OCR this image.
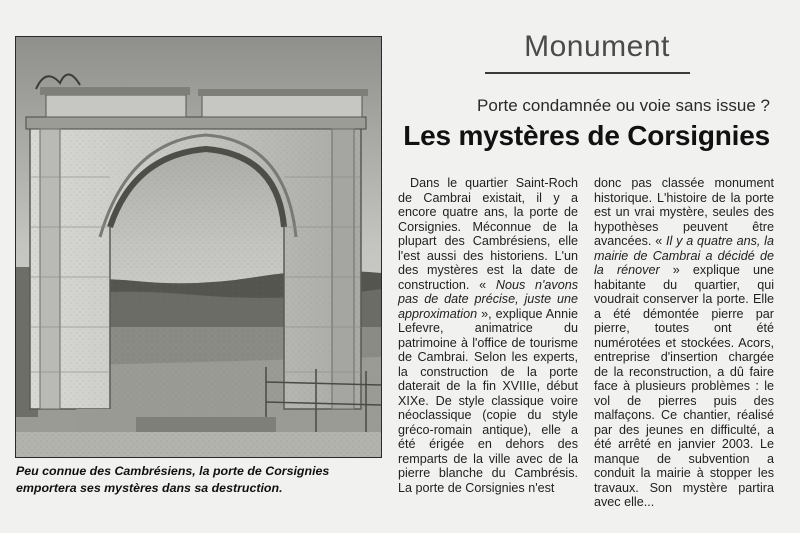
Peu connue des Cambrésiens, la porte de Corsignies emportera ses mystères dans sa destruction.
Monument
Porte condamnée ou voie sans issue ?
Les mystères de Corsignies

Dans le quartier Saint-Roch de Cambrai existait, il y a encore quatre ans, la porte de Corsignies. Méconnue de la plupart des Cambrésiens, elle l'est aussi des historiens. L'un des mystères est la date de construction. « Nous n'avons pas de date précise, juste une approximation », explique Annie Lefevre, animatrice du patrimoine à l'office de tourisme de Cambrai. Selon les experts, la construction de la porte daterait de la fin XVIIIe, début XIXe. De style classique voire néoclassique (copie du style gréco-romain antique), elle a été érigée en dehors des remparts de la ville avec de la pierre blanche du Cambrésis. La porte de Corsignies n'est

donc pas classée monument historique. L'histoire de la porte est un vrai mystère, seules des hypothèses peuvent être avancées. « Il y a quatre ans, la mairie de Cambrai a décidé de la rénover » explique une habitante du quartier, qui voudrait conserver la porte. Elle a été démontée pierre par pierre, toutes ont été numérotées et stockées. Acors, entreprise d'insertion chargée de la reconstruction, a dû faire face à plusieurs problèmes : le vol de pierres puis des malfaçons. Ce chantier, réalisé par des jeunes en difficulté, a été arrêté en janvier 2003. Le manque de subvention a conduit la mairie à stopper les travaux. Son mystère partira avec elle...
